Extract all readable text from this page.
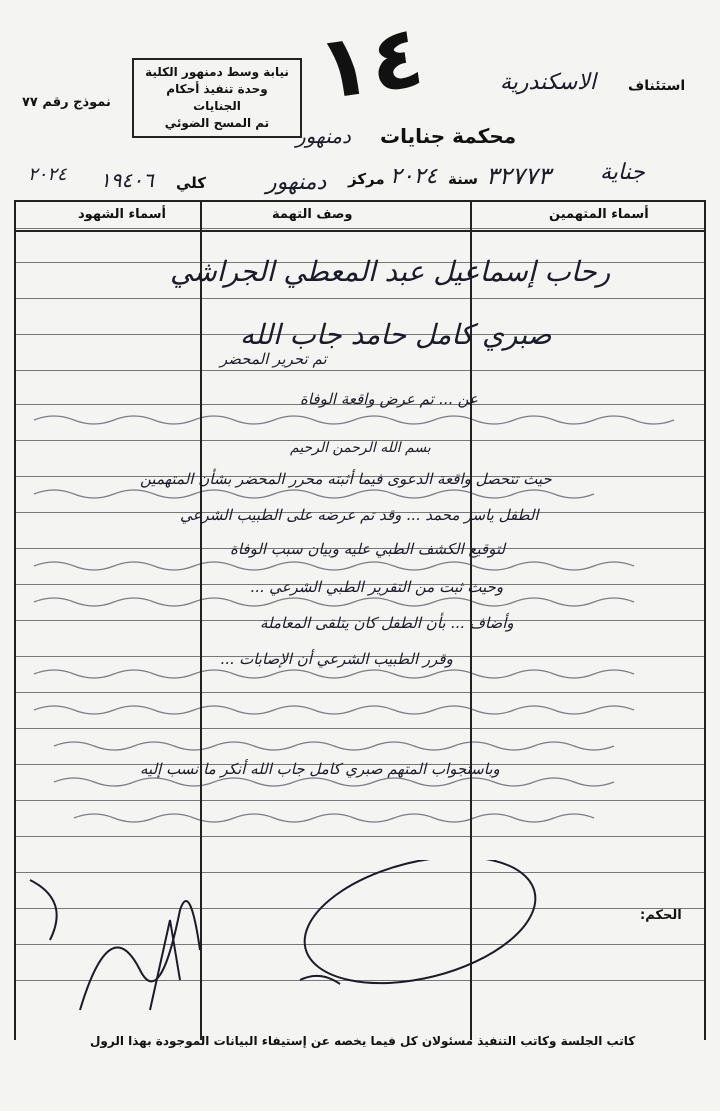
نيابة وسط دمنهور الكلية
وحدة تنفيذ أحكام الجنايات
تم المسح الضوئي
نموذج رقم ٧٧ ١٤	استئناف
الاسكندرية
محكمة جنايات
دمنهور
جناية
٣٢٧٧٣
سنة
٢٠٢٤
مركز
دمنهور
كلي
١٩٤٠٦
٢٠٢٤
أسماء المتهمين
وصف التهمة
أسماء الشهود
رحاب إسماعيل عبد المعطي الجراشي
صبري كامل حامد جاب الله
تم تحرير المحضر
عن ... تم عرض واقعة الوفاة
بسم الله الرحمن الرحيم
حيث تتحصل واقعة الدعوى فيما أثبته محرر المحضر بشأن المتهمين
الطفل ياسر محمد ... وقد تم عرضه على الطبيب الشرعي
لتوقيع الكشف الطبي عليه وبيان سبب الوفاة
وحيث ثبت من التقرير الطبي الشرعي ...
وأضاف ... بأن الطفل كان يتلقى المعاملة
وقرر الطبيب الشرعي أن الإصابات ...
وباستجواب المتهم صبري كامل جاب الله أنكر ما نسب إليه
الحكم:
كاتب الجلسة وكاتب التنفيذ مسئولان كل فيما يخصه عن إستيفاء البيانات الموجودة بهذا الرول
